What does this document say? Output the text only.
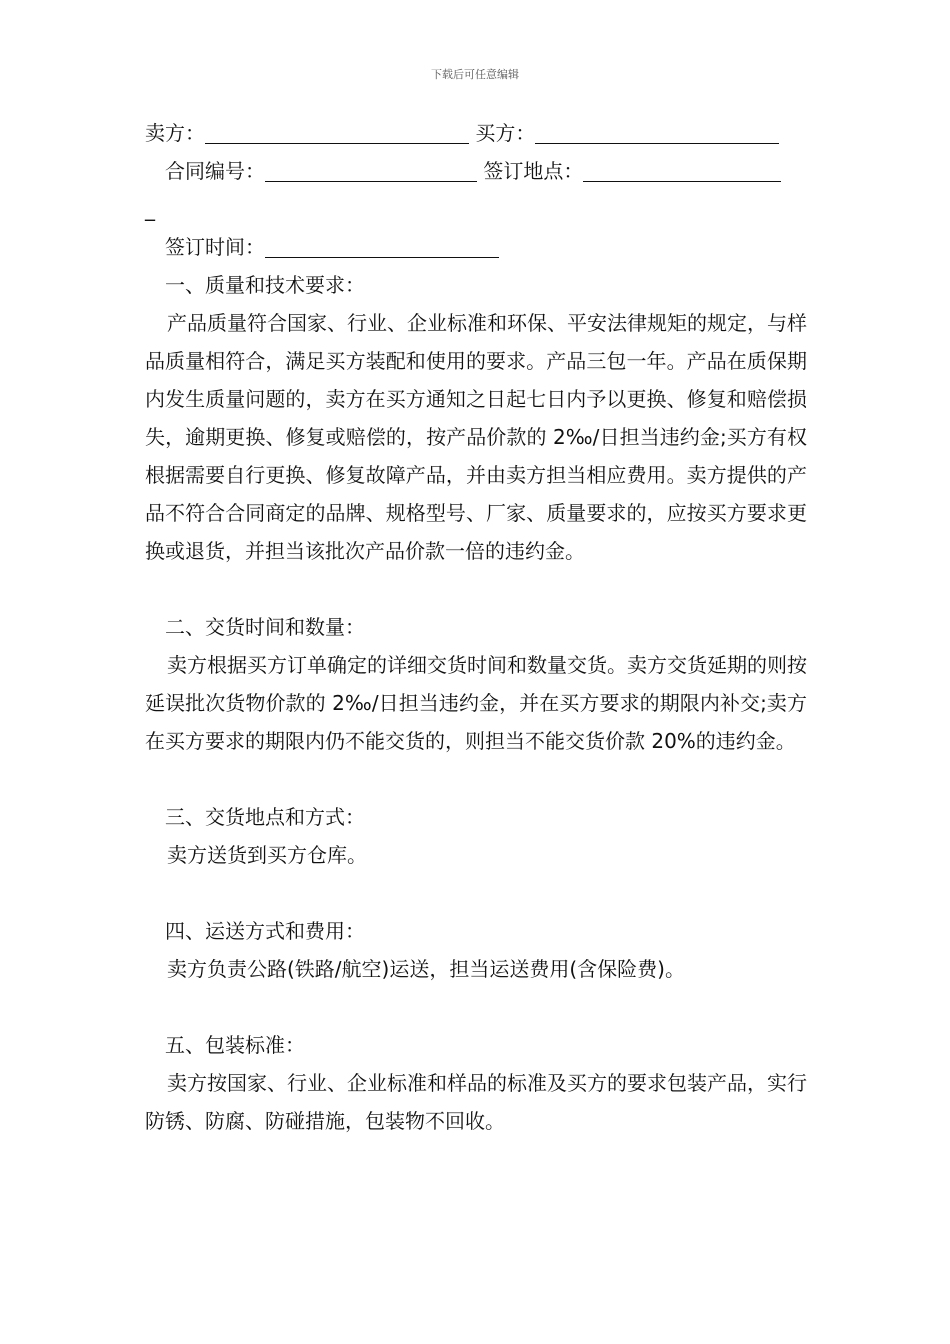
下载后可任意编辑

卖方：	买方：

合同编号：	签订地点：

_

签订时间：

一、质量和技术要求：

产品质量符合国家、行业、企业标准和环保、平安法律规矩的规定，与样品质量相符合，满足买方装配和使用的要求。产品三包一年。产品在质保期内发生质量问题的，卖方在买方通知之日起七日内予以更换、修复和赔偿损失，逾期更换、修复或赔偿的，按产品价款的 2‰/日担当违约金;买方有权根据需要自行更换、修复故障产品，并由卖方担当相应费用。卖方提供的产品不符合合同商定的品牌、规格型号、厂家、质量要求的，应按买方要求更换或退货，并担当该批次产品价款一倍的违约金。

二、交货时间和数量：

卖方根据买方订单确定的详细交货时间和数量交货。卖方交货延期的则按延误批次货物价款的 2‰/日担当违约金，并在买方要求的期限内补交;卖方在买方要求的期限内仍不能交货的，则担当不能交货价款 20%的违约金。

三、交货地点和方式：

卖方送货到买方仓库。

四、运送方式和费用：

卖方负责公路(铁路/航空)运送，担当运送费用(含保险费)。

五、包装标准：

卖方按国家、行业、企业标准和样品的标准及买方的要求包装产品，实行防锈、防腐、防碰措施，包装物不回收。
